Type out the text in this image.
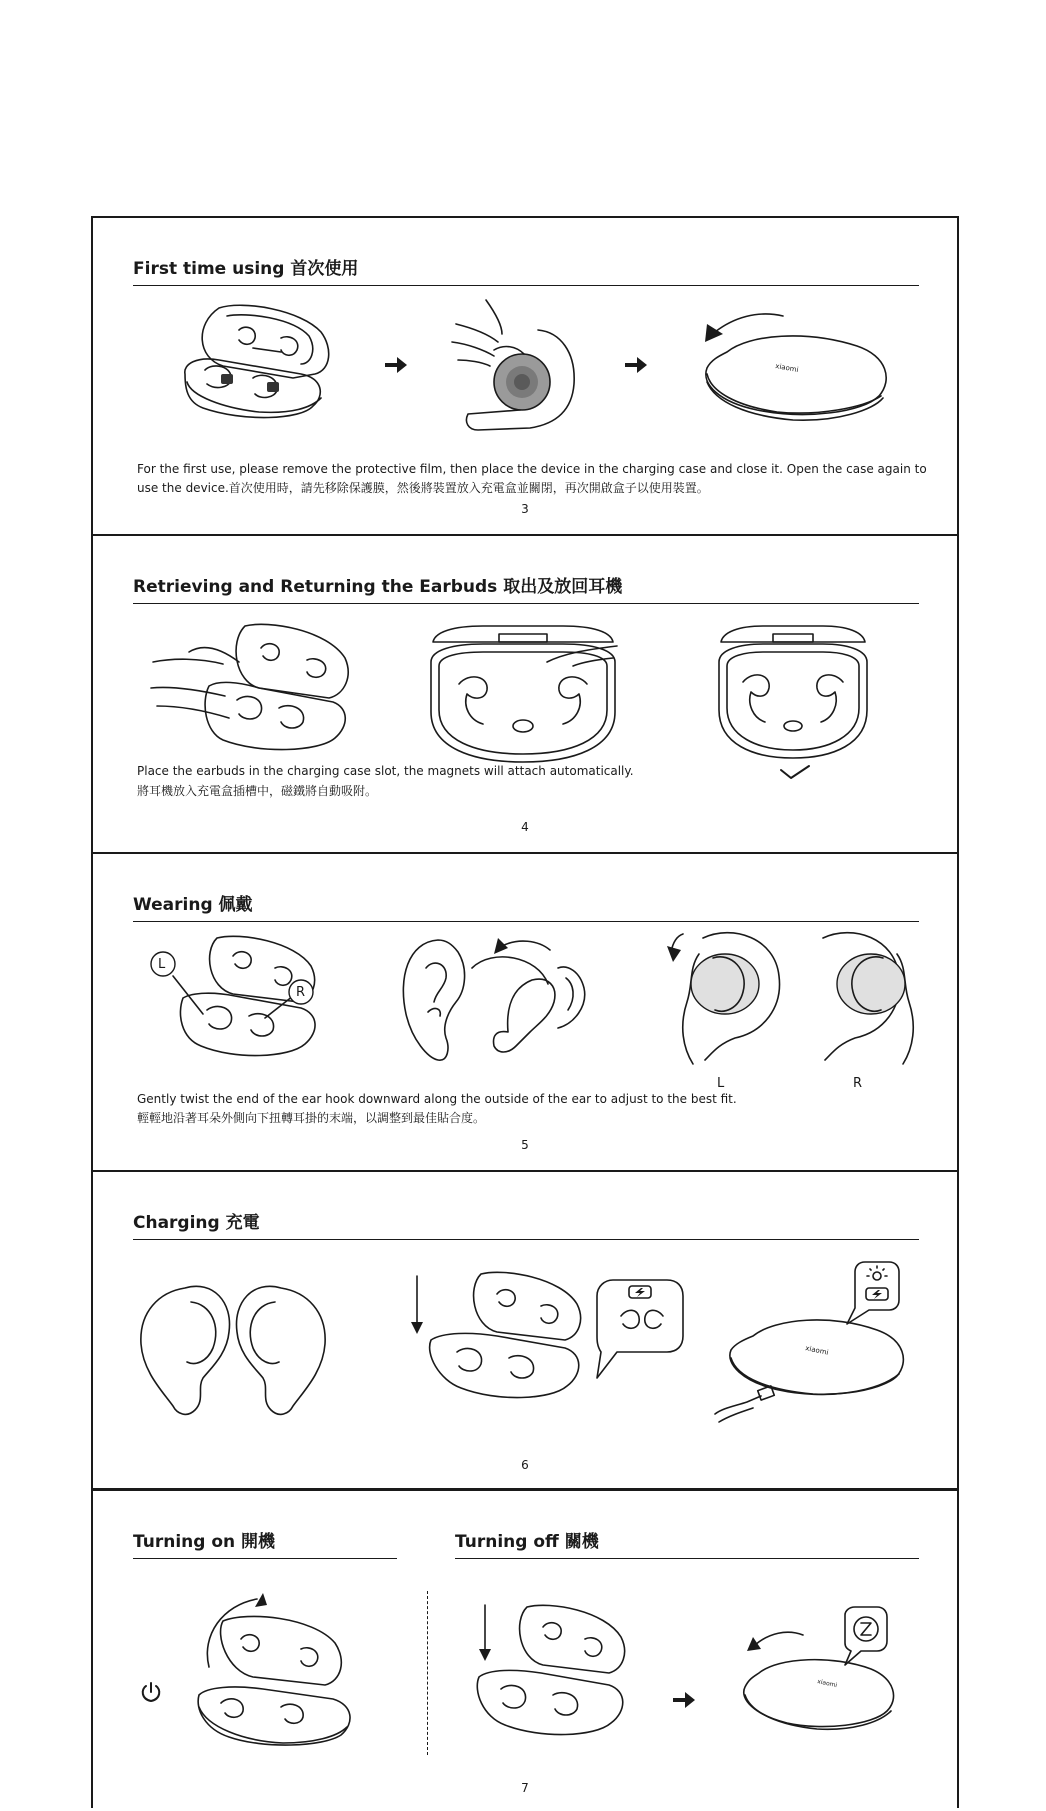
First time using 首次使用
xiaomi

For the first use, please remove the protective film, then place the device in the charging case and close it. Open the case again to use the device.首次使用時，請先移除保護膜，然後將裝置放入充電盒並關閉，再次開啟盒子以使用裝置。

3
Retrieving and Returning the Earbuds 取出及放回耳機

Place the earbuds in the charging case slot, the magnets will attach automatically.

將耳機放入充電盒插槽中，磁鐵將自動吸附。

4
Wearing 佩戴
L
R
L	R

Gently twist the end of the ear hook downward along the outside of the ear to adjust to the best fit.

輕輕地沿著耳朵外側向下扭轉耳掛的末端，以調整到最佳貼合度。

5
Charging 充電
xiaomi
6
Turning on 開機	Turning off 關機
xiaomi
7
